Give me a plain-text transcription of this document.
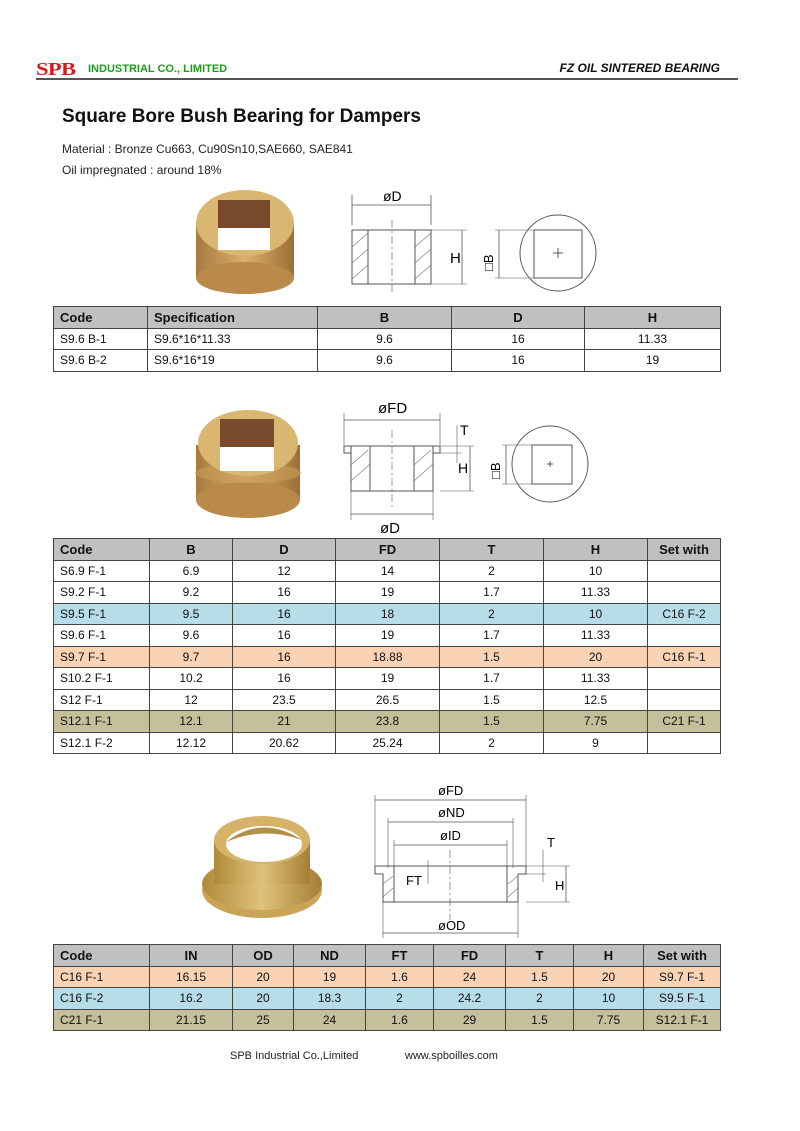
SPB INDUSTRIAL CO., LIMITED	FZ OIL SINTERED BEARING
Square Bore Bush Bearing for Dampers
Material : Bronze Cu663, Cu90Sn10,SAE660, SAE841
Oil impregnated : around 18%
øD
H □B
Code	Specification	B	D	H
S9.6 B-1	S9.6*16*11.33	9.6	16	11.33
S9.6 B-2	S9.6*16*19	9.6	16	19
øFD
øD
T
H □B
Code	B	D	FD	T	H	Set with
S6.9 F-1	6.9	12	14	2	10	
S9.2 F-1	9.2	16	19	1.7	11.33	
S9.5 F-1	9.5	16	18	2	10	C16 F-2
S9.6 F-1	9.6	16	19	1.7	11.33	
S9.7 F-1	9.7	16	18.88	1.5	20	C16 F-1
S10.2 F-1	10.2	16	19	1.7	11.33	
S12 F-1	12	23.5	26.5	1.5	12.5	
S12.1 F-1	12.1	21	23.8	1.5	7.75	C21 F-1
S12.1 F-2	12.12	20.62	25.24	2	9	
øFD
øND
øID
øOD
FT
T
H
Code	IN	OD	ND	FT	FD	T	H	Set with
C16 F-1	16.15	20	19	1.6	24	1.5	20	S9.7 F-1
C16 F-2	16.2	20	18.3	2	24.2	2	10	S9.5 F-1
C21 F-1	21.15	25	24	1.6	29	1.5	7.75	S12.1 F-1
SPB Industrial Co.,Limited	www.spboilles.com
